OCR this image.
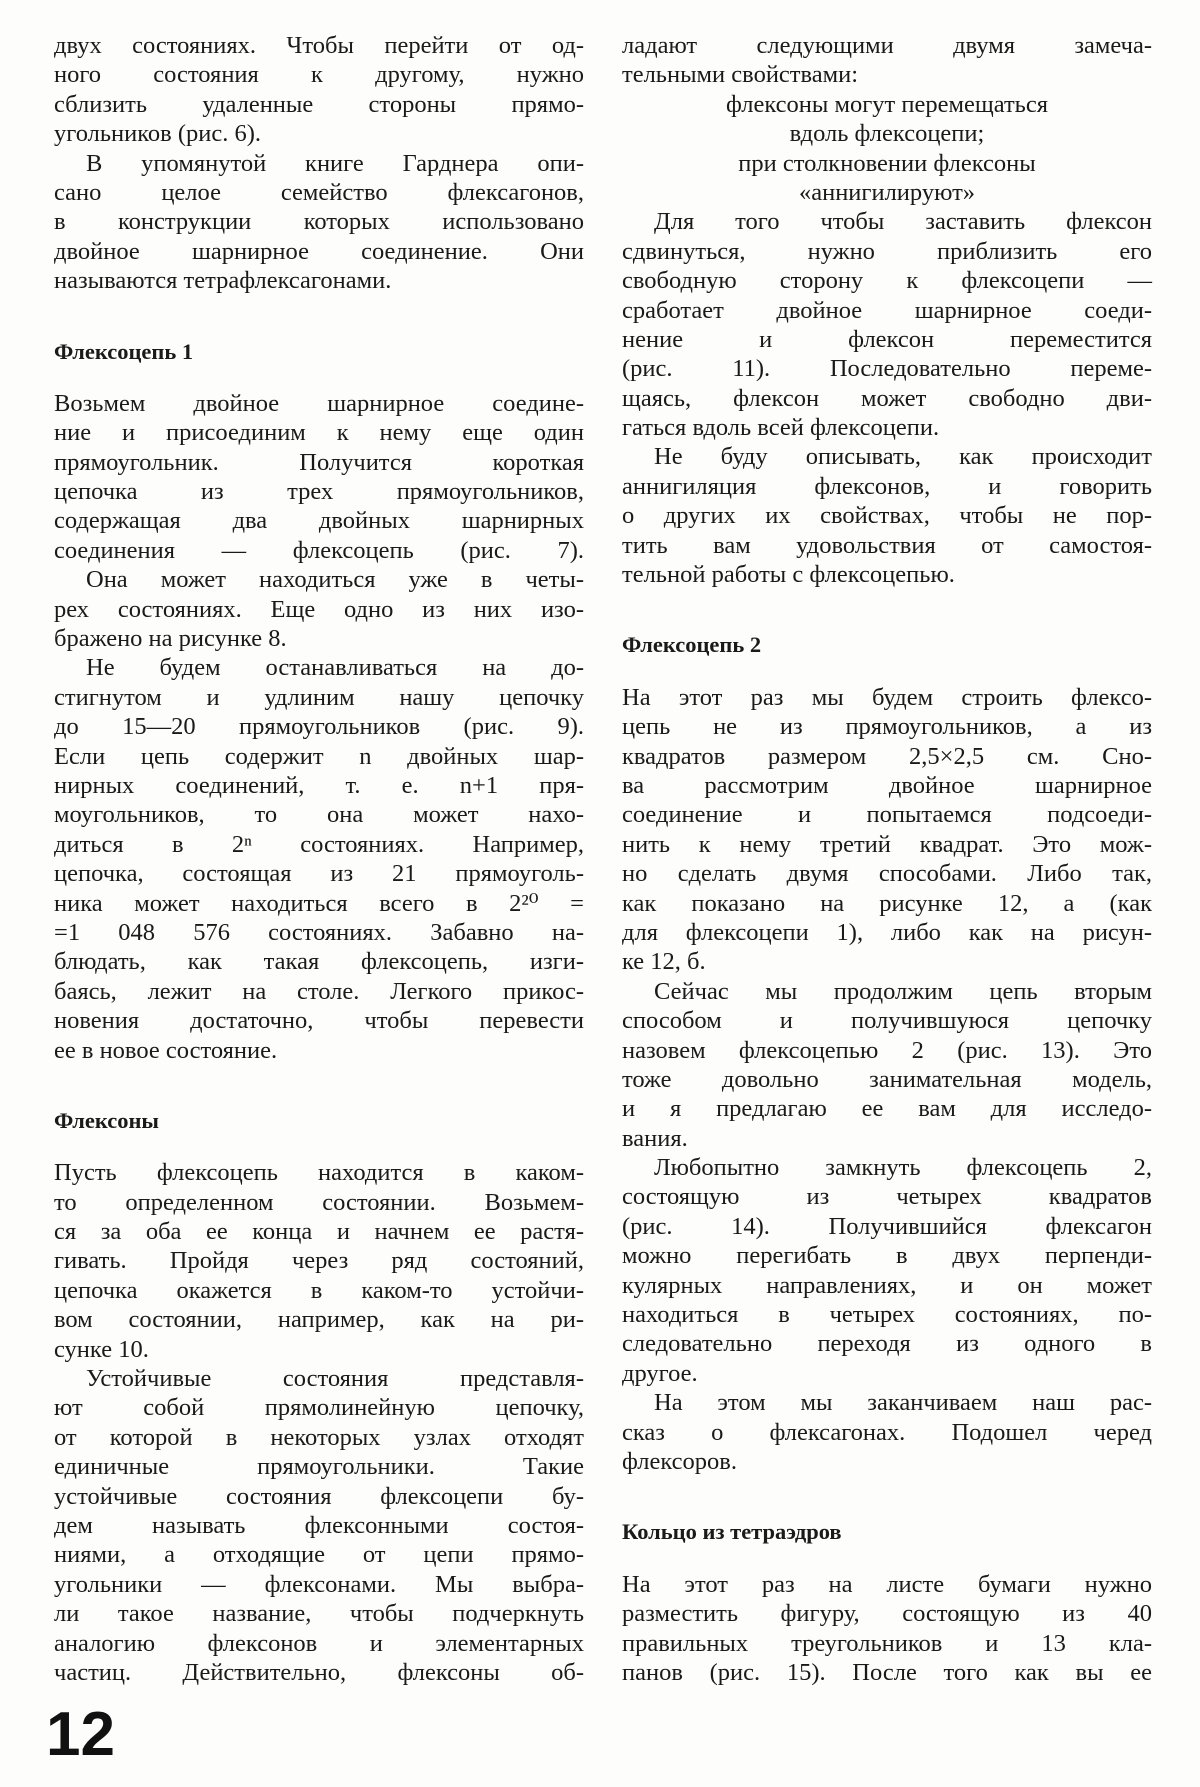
двух состояниях. Чтобы перейти от од-
ного состояния к другому, нужно
сблизить удаленные стороны прямо-
угольников (рис. 6).
В упомянутой книге Гарднера опи-
сано целое семейство флексагонов,
в конструкции которых использовано
двойное шарнирное соединение. Они
называются тетрафлексагонами.
Флексоцепь 1
Возьмем двойное шарнирное соедине-
ние и присоединим к нему еще один
прямоугольник. Получится короткая
цепочка из трех прямоугольников,
содержащая два двойных шарнирных
соединения — флексоцепь (рис. 7).
Она может находиться уже в четы-
рех состояниях. Еще одно из них изо-
бражено на рисунке 8.
Не будем останавливаться на до-
стигнутом и удлиним нашу цепочку
до 15—20 прямоугольников (рис. 9).
Если цепь содержит n двойных шар-
нирных соединений, т. е. n+1 пря-
моугольников, то она может нахо-
диться в 2ⁿ состояниях. Например,
цепочка, состоящая из 21 прямоуголь-
ника может находиться всего в 2²⁰ =
=1 048 576 состояниях. Забавно на-
блюдать, как такая флексоцепь, изги-
баясь, лежит на столе. Легкого прикос-
новения достаточно, чтобы перевести
ее в новое состояние.
Флексоны
Пусть флексоцепь находится в каком-
то определенном состоянии. Возьмем-
ся за оба ее конца и начнем ее растя-
гивать. Пройдя через ряд состояний,
цепочка окажется в каком-то устойчи-
вом состоянии, например, как на ри-
сунке 10.
Устойчивые состояния представля-
ют собой прямолинейную цепочку,
от которой в некоторых узлах отходят
единичные прямоугольники. Такие
устойчивые состояния флексоцепи бу-
дем называть флексонными состоя-
ниями, а отходящие от цепи прямо-
угольники — флексонами. Мы выбра-
ли такое название, чтобы подчеркнуть
аналогию флексонов и элементарных
частиц. Действительно, флексоны об-
ладают следующими двумя замеча-
тельными свойствами:
флексоны могут перемещаться
вдоль флексоцепи;
при столкновении флексоны
«аннигилируют»
Для того чтобы заставить флексон
сдвинуться, нужно приблизить его
свободную сторону к флексоцепи —
сработает двойное шарнирное соеди-
нение и флексон переместится
(рис. 11). Последовательно переме-
щаясь, флексон может свободно дви-
гаться вдоль всей флексоцепи.
Не буду описывать, как происходит
аннигиляция флексонов, и говорить
о других их свойствах, чтобы не пор-
тить вам удовольствия от самостоя-
тельной работы с флексоцепью.
Флексоцепь 2
На этот раз мы будем строить флексо-
цепь не из прямоугольников, а из
квадратов размером 2,5×2,5 см. Сно-
ва рассмотрим двойное шарнирное
соединение и попытаемся подсоеди-
нить к нему третий квадрат. Это мож-
но сделать двумя способами. Либо так,
как показано на рисунке 12, а (как
для флексоцепи 1), либо как на рисун-
ке 12, б.
Сейчас мы продолжим цепь вторым
способом и получившуюся цепочку
назовем флексоцепью 2 (рис. 13). Это
тоже довольно занимательная модель,
и я предлагаю ее вам для исследо-
вания.
Любопытно замкнуть флексоцепь 2,
состоящую из четырех квадратов
(рис. 14). Получившийся флексагон
можно перегибать в двух перпенди-
кулярных направлениях, и он может
находиться в четырех состояниях, по-
следовательно переходя из одного в
другое.
На этом мы заканчиваем наш рас-
сказ о флексагонах. Подошел черед
флексоров.
Кольцо из тетраэдров
На этот раз на листе бумаги нужно
разместить фигуру, состоящую из 40
правильных треугольников и 13 кла-
панов (рис. 15). После того как вы ее
12
